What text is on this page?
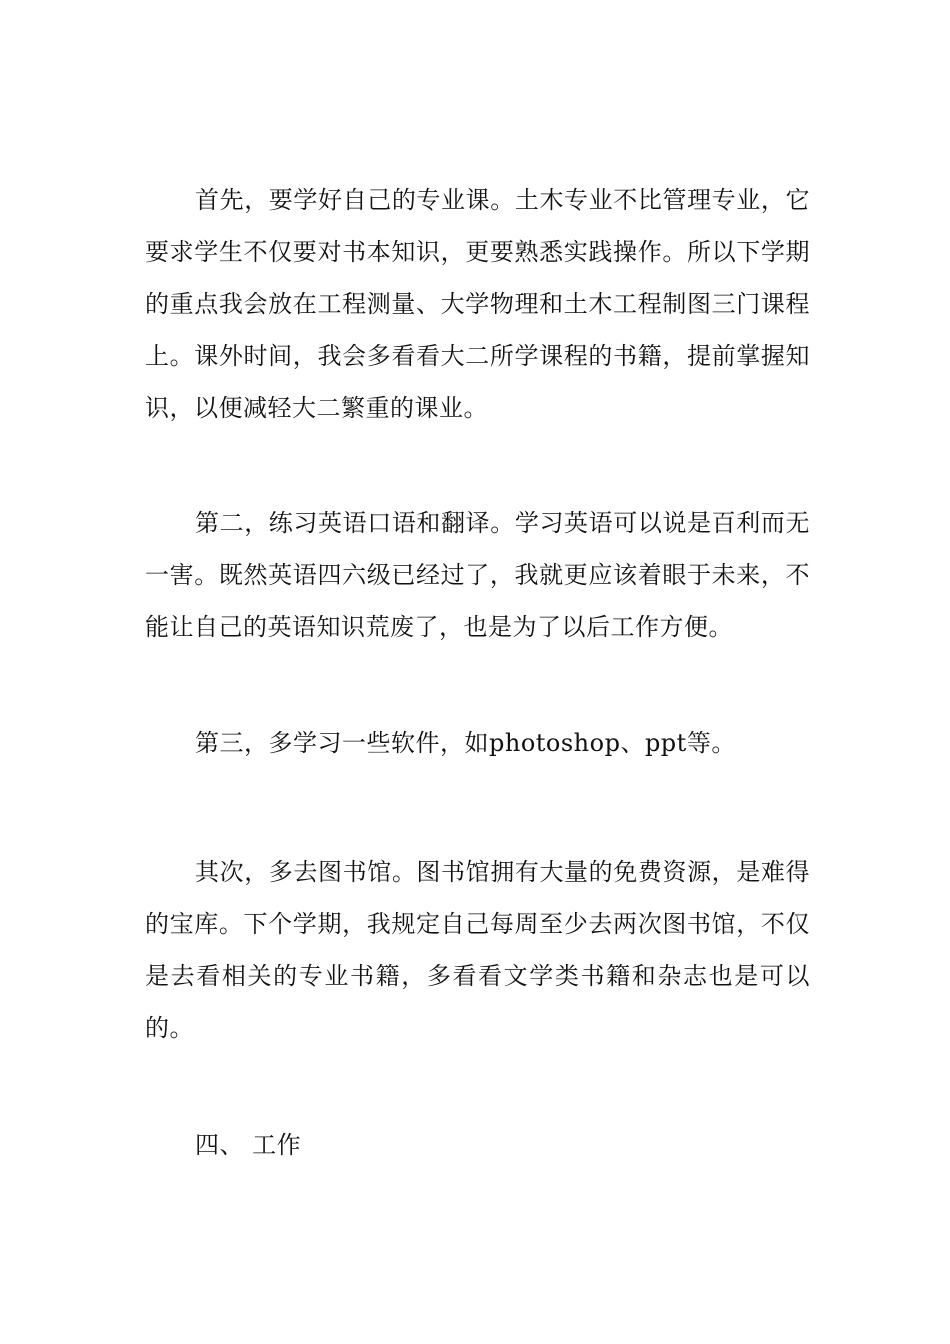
首先，要学好自己的专业课。土木专业不比管理专业，它要求学生不仅要对书本知识，更要熟悉实践操作。所以下学期的重点我会放在工程测量、大学物理和土木工程制图三门课程上。课外时间，我会多看看大二所学课程的书籍，提前掌握知识，以便减轻大二繁重的课业。

第二，练习英语口语和翻译。学习英语可以说是百利而无一害。既然英语四六级已经过了，我就更应该着眼于未来，不能让自己的英语知识荒废了，也是为了以后工作方便。

第三，多学习一些软件，如photoshop、ppt等。

其次，多去图书馆。图书馆拥有大量的免费资源，是难得的宝库。下个学期，我规定自己每周至少去两次图书馆，不仅是去看相关的专业书籍，多看看文学类书籍和杂志也是可以的。

四、 工作
